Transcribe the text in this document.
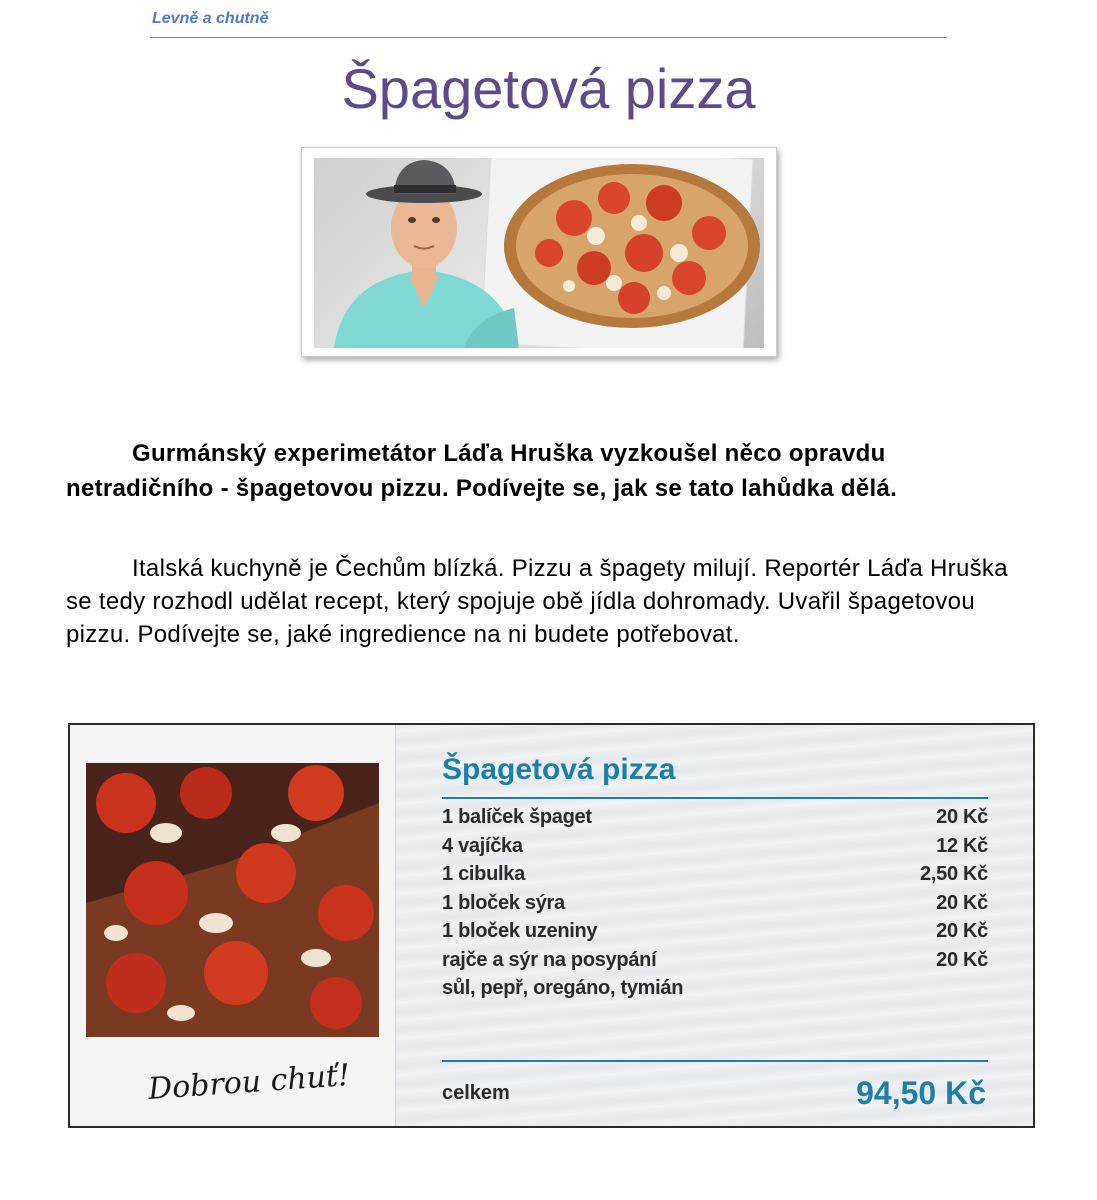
Levně a chutně
Špagetová pizza
Gurmánský experimetátor Láďa Hruška vyzkoušel něco opravdu netradičního - špagetovou pizzu. Podívejte se, jak se tato lahůdka dělá.
Italská kuchyně je Čechům blízká. Pizzu a špagety milují. Reportér Láďa Hruška se tedy rozhodl udělat recept, který spojuje obě jídla dohromady. Uvařil špagetovou pizzu. Podívejte se, jaké ingredience na ni budete potřebovat.
Dobrou chuť!
Špagetová pizza
1 balíček špaget	20 Kč
4 vajíčka	12 Kč
1 cibulka	2,50 Kč
1 bloček sýra	20 Kč
1 bloček uzeniny	20 Kč
rajče a sýr na posypání	20 Kč
sůl, pepř, oregáno, tymián
celkem	94,50 Kč
